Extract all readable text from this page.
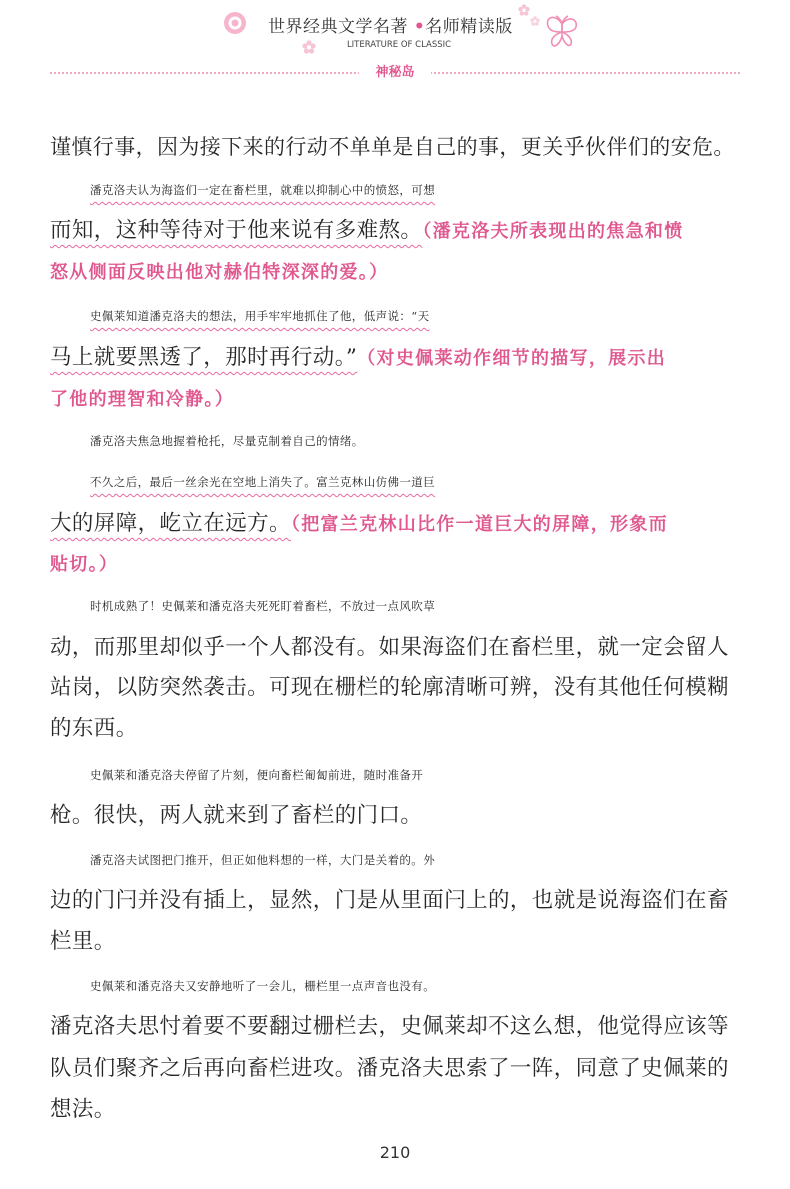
世界经典文学名著 •名师精读版
LITERATURE OF CLASSIC
神秘岛
谨慎行事，因为接下来的行动不单单是自己的事，更关乎伙伴们的安危。
潘克洛夫认为海盗们一定在畜栏里，就难以抑制心中的愤怒，可想
而知，这种等待对于他来说有多难熬。（潘克洛夫所表现出的焦急和愤
怒从侧面反映出他对赫伯特深深的爱。）
史佩莱知道潘克洛夫的想法，用手牢牢地抓住了他，低声说：“天
马上就要黑透了，那时再行动。”（对史佩莱动作细节的描写，展示出
了他的理智和冷静。）
潘克洛夫焦急地握着枪托，尽量克制着自己的情绪。
不久之后，最后一丝余光在空地上消失了。富兰克林山仿佛一道巨
大的屏障，屹立在远方。（把富兰克林山比作一道巨大的屏障，形象而
贴切。）
时机成熟了！史佩莱和潘克洛夫死死盯着畜栏，不放过一点风吹草
动，而那里却似乎一个人都没有。如果海盗们在畜栏里，就一定会留人
站岗，以防突然袭击。可现在栅栏的轮廓清晰可辨，没有其他任何模糊
的东西。
史佩莱和潘克洛夫停留了片刻，便向畜栏匍匐前进，随时准备开
枪。很快，两人就来到了畜栏的门口。
潘克洛夫试图把门推开，但正如他料想的一样，大门是关着的。外
边的门闩并没有插上，显然，门是从里面闩上的，也就是说海盗们在畜
栏里。
史佩莱和潘克洛夫又安静地听了一会儿，栅栏里一点声音也没有。
潘克洛夫思忖着要不要翻过栅栏去，史佩莱却不这么想，他觉得应该等
队员们聚齐之后再向畜栏进攻。潘克洛夫思索了一阵，同意了史佩莱的
想法。
210
